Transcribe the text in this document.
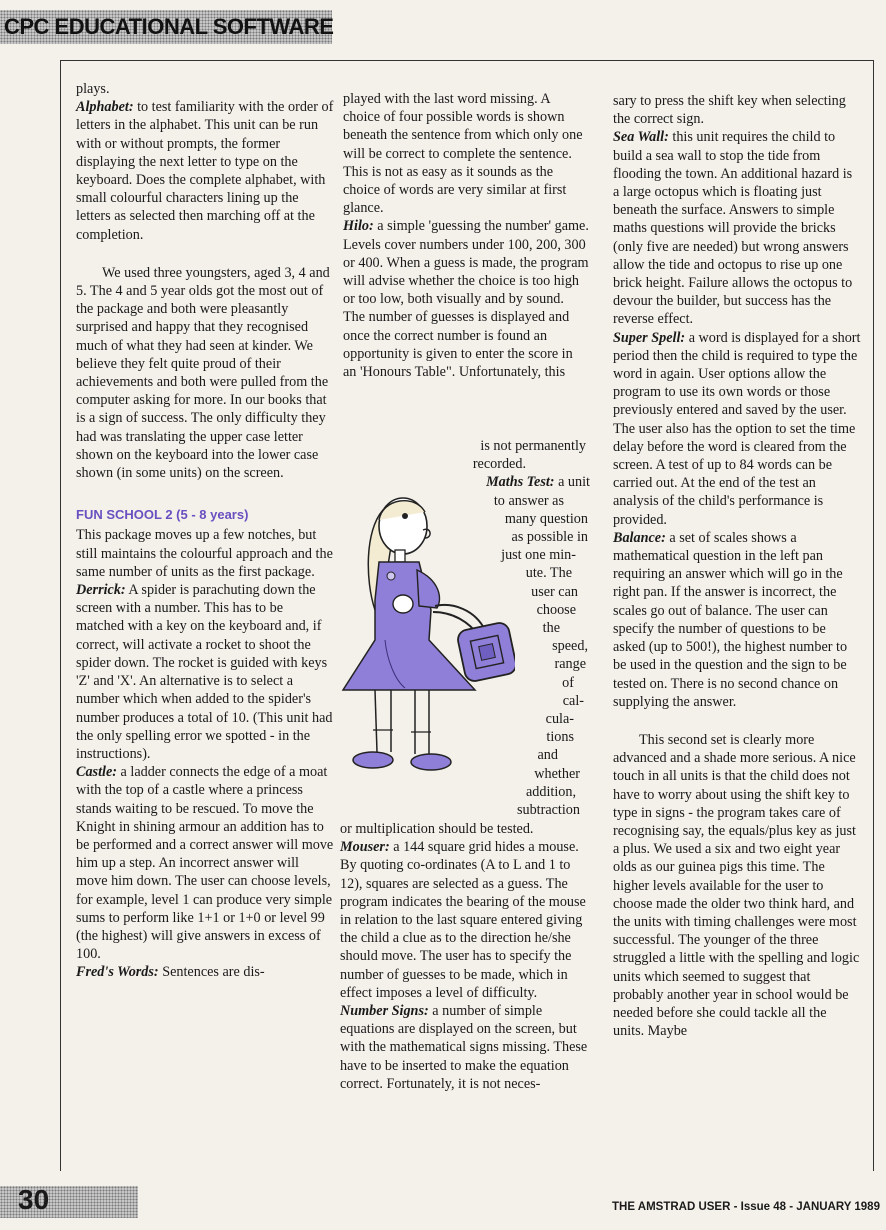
CPC EDUCATIONAL SOFTWARE

plays.

Alphabet: to test familiarity with the order of letters in the alphabet. This unit can be run with or without prompts, the former displaying the next letter to type on the keyboard. Does the complete alphabet, with small colourful characters lining up the letters as selected then marching off at the completion.

We used three youngsters, aged 3, 4 and 5. The 4 and 5 year olds got the most out of the package and both were pleasantly surprised and happy that they recognised much of what they had seen at kinder. We believe they felt quite proud of their achievements and both were pulled from the computer asking for more. In our books that is a sign of success. The only difficulty they had was translating the upper case letter shown on the keyboard into the lower case shown (in some units) on the screen.

FUN SCHOOL 2 (5 - 8 years)

This package moves up a few notches, but still maintains the colourful approach and the same number of units as the first package.

Derrick: A spider is parachuting down the screen with a number. This has to be matched with a key on the keyboard and, if correct, will activate a rocket to shoot the spider down. The rocket is guided with keys 'Z' and 'X'. An alternative is to select a number which when added to the spider's number produces a total of 10. (This unit had the only spelling error we spotted - in the instructions).

Castle: a ladder connects the edge of a moat with the top of a castle where a princess stands waiting to be rescued. To move the Knight in shining armour an addition has to be performed and a correct answer will move him up a step. An incorrect answer will move him down. The user can choose levels, for example, level 1 can produce very simple sums to perform like 1+1 or 1+0 or level 99 (the highest) will give answers in excess of 100.

Fred's Words: Sentences are dis-

played with the last word missing. A choice of four possible words is shown beneath the sentence from which only one will be correct to complete the sentence. This is not as easy as it sounds as the choice of words are very similar at first glance.

Hilo: a simple 'guessing the number' game. Levels cover numbers under 100, 200, 300 or 400. When a guess is made, the program will advise whether the choice is too high or too low, both visually and by sound. The number of guesses is displayed and once the correct number is found an opportunity is given to enter the score in an 'Honours Table". Unfortunately, this

is not permanently
recorded.
Maths Test: a unit
to answer as
many question
as possible in
just one min-
ute. The
user can
choose
the
speed,
range
of
cal-
cula-
tions
and
whether
addition,
subtraction

or multiplication should be tested.

Mouser: a 144 square grid hides a mouse. By quoting co-ordinates (A to L and 1 to 12), squares are selected as a guess. The program indicates the bearing of the mouse in relation to the last square entered giving the child a clue as to the direction he/she should move. The user has to specify the number of guesses to be made, which in effect imposes a level of difficulty.

Number Signs: a number of simple equations are displayed on the screen, but with the mathematical signs missing. These have to be inserted to make the equation correct. Fortunately, it is not neces-

sary to press the shift key when selecting the correct sign.

Sea Wall: this unit requires the child to build a sea wall to stop the tide from flooding the town. An additional hazard is a large octopus which is floating just beneath the surface. Answers to simple maths questions will provide the bricks (only five are needed) but wrong answers allow the tide and octopus to rise up one brick height. Failure allows the octopus to devour the builder, but success has the reverse effect.

Super Spell: a word is displayed for a short period then the child is required to type the word in again. User options allow the program to use its own words or those previously entered and saved by the user. The user also has the option to set the time delay before the word is cleared from the screen. A test of up to 84 words can be carried out. At the end of the test an analysis of the child's performance is provided.

Balance: a set of scales shows a mathematical question in the left pan requiring an answer which will go in the right pan. If the answer is incorrect, the scales go out of balance. The user can specify the number of questions to be asked (up to 500!), the highest number to be used in the question and the sign to be tested on. There is no second chance on supplying the answer.

This second set is clearly more advanced and a shade more serious. A nice touch in all units is that the child does not have to worry about using the shift key to type in signs - the program takes care of recognising say, the equals/plus key as just a plus. We used a six and two eight year olds as our guinea pigs this time. The higher levels available for the user to choose made the older two think hard, and the units with timing challenges were most successful. The younger of the three struggled a little with the spelling and logic units which seemed to suggest that probably another year in school would be needed before she could tackle all the units. Maybe

30	THE AMSTRAD USER - Issue 48 - JANUARY 1989
